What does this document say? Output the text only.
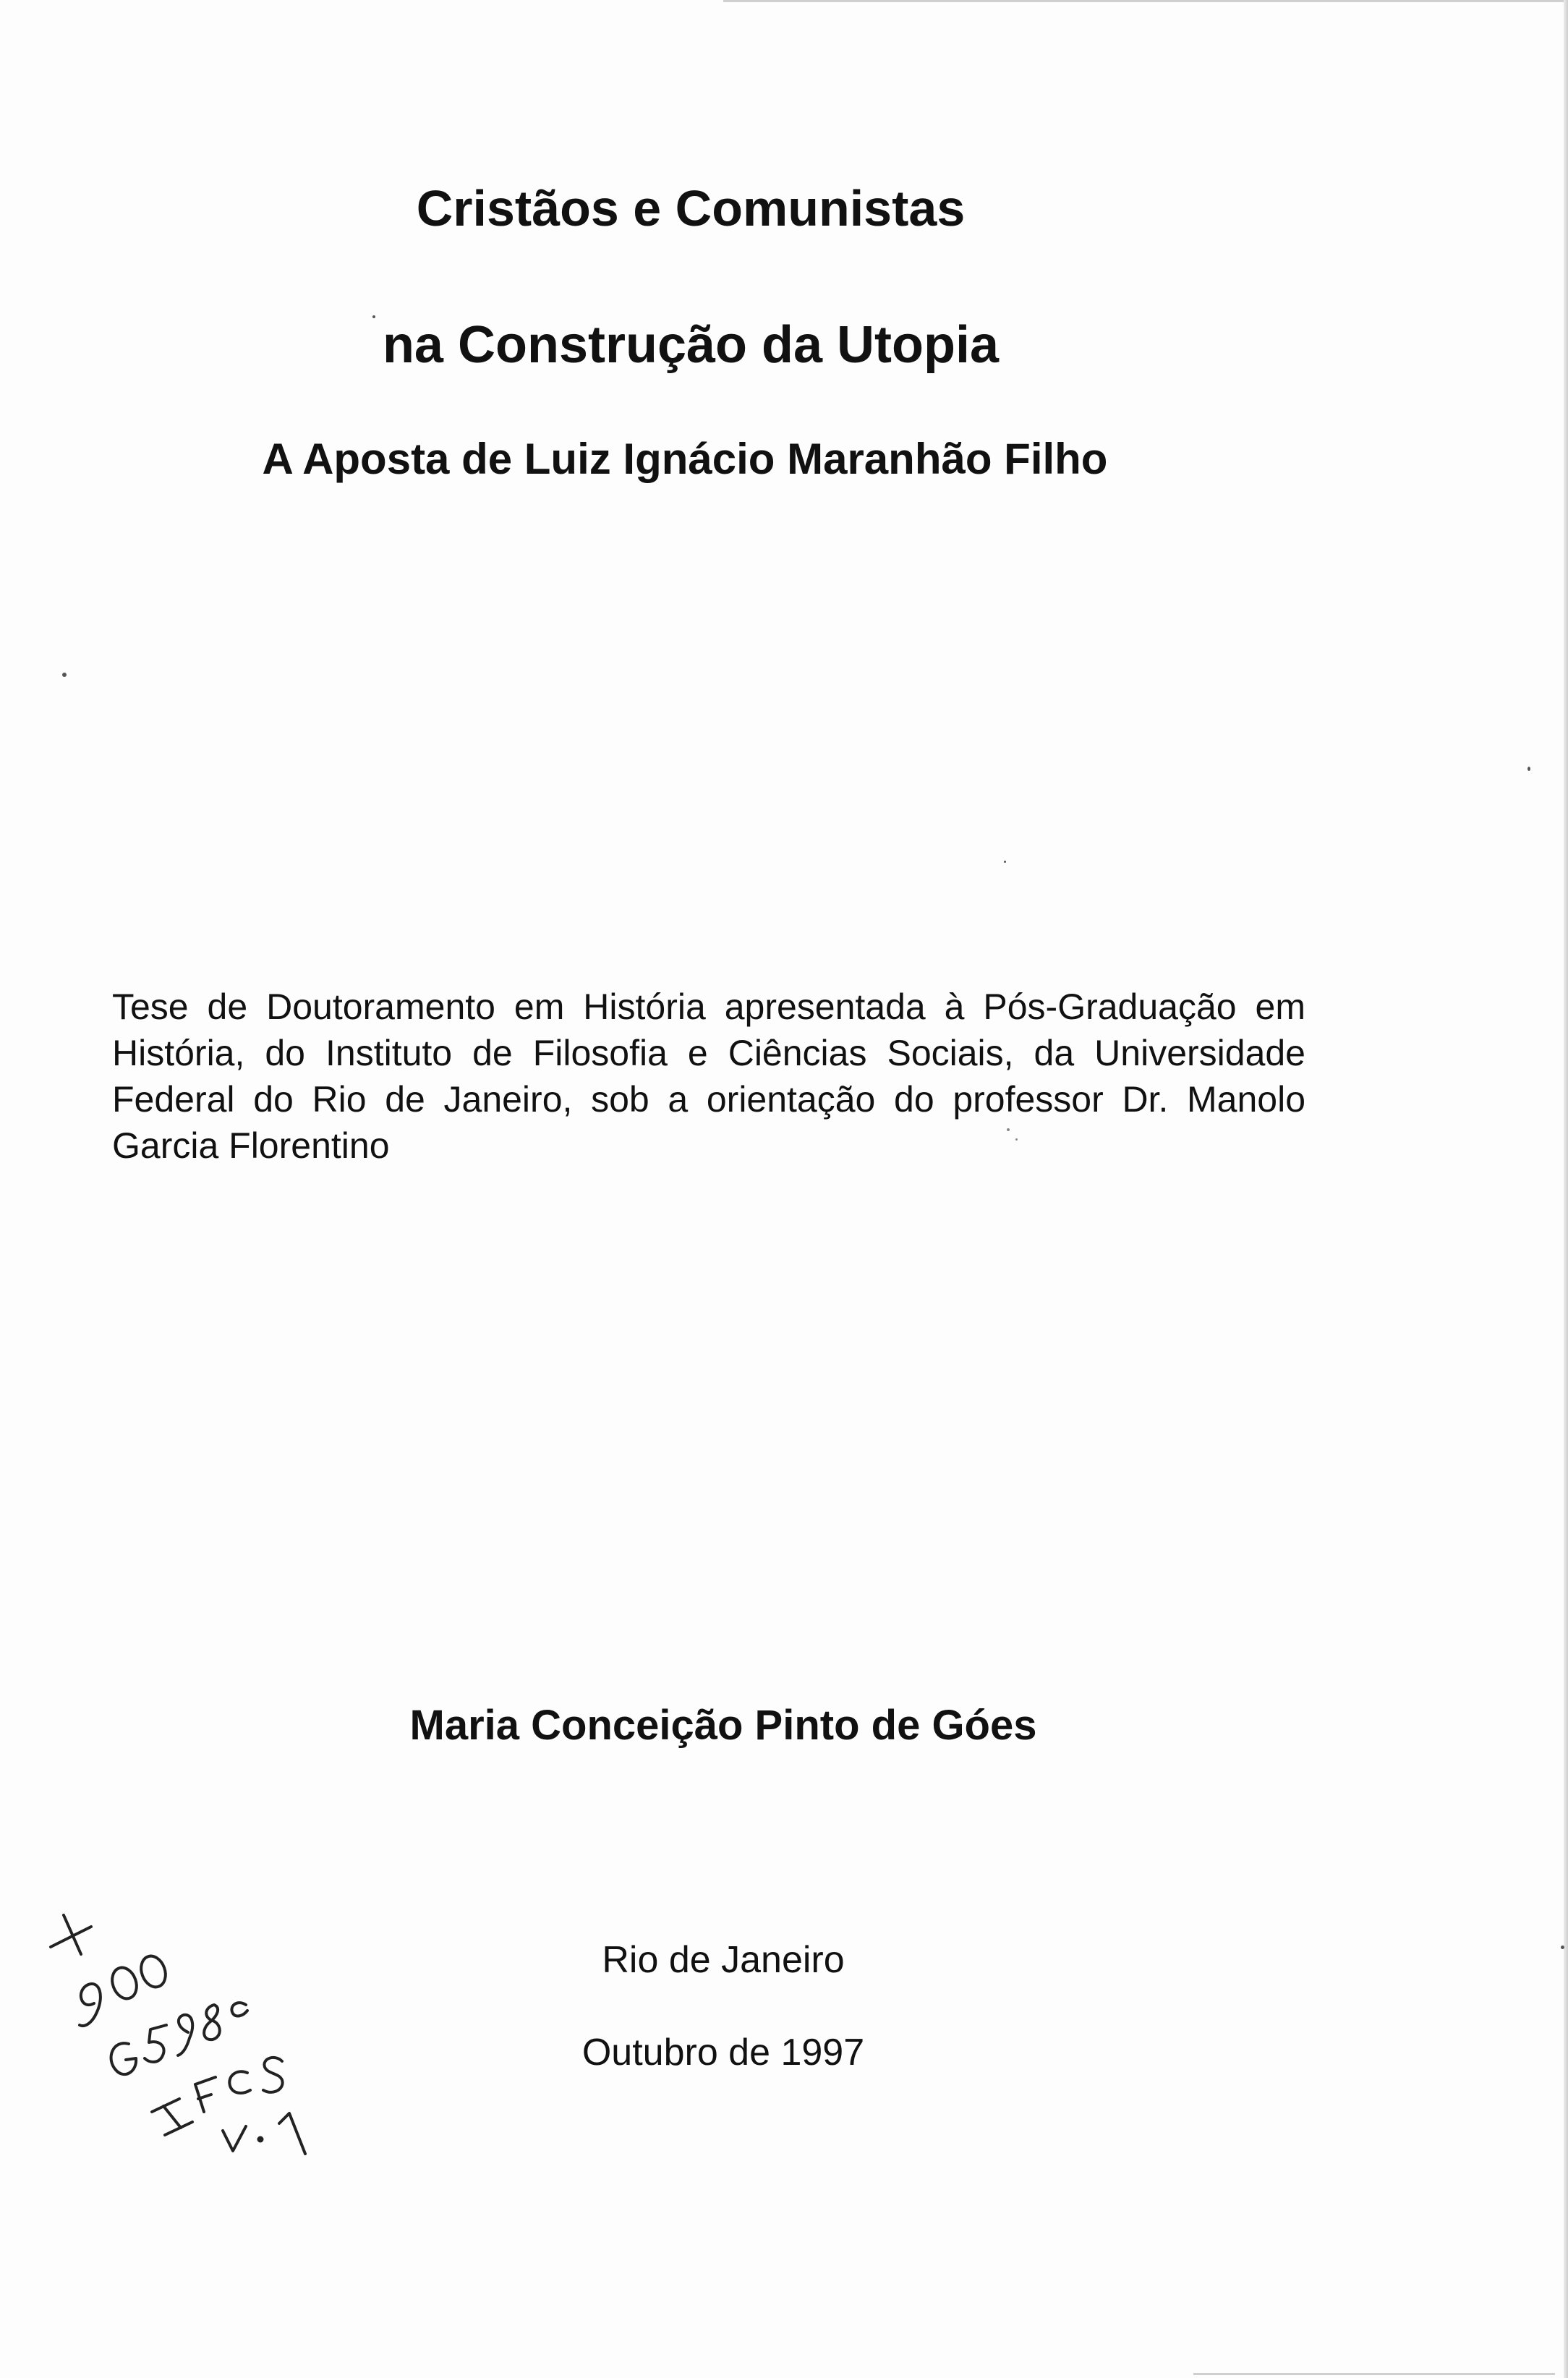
Cristãos e Comunistas
na Construção da Utopia
A Aposta de Luiz Ignácio Maranhão Filho
Tese de Doutoramento em História apresentada à Pós-Graduação em História, do Instituto de Filosofia e Ciências Sociais, da Universidade Federal do Rio de Janeiro, sob a orientação do professor Dr. Manolo Garcia Florentino
Maria Conceição Pinto de Góes
Rio de Janeiro
Outubro de 1997
